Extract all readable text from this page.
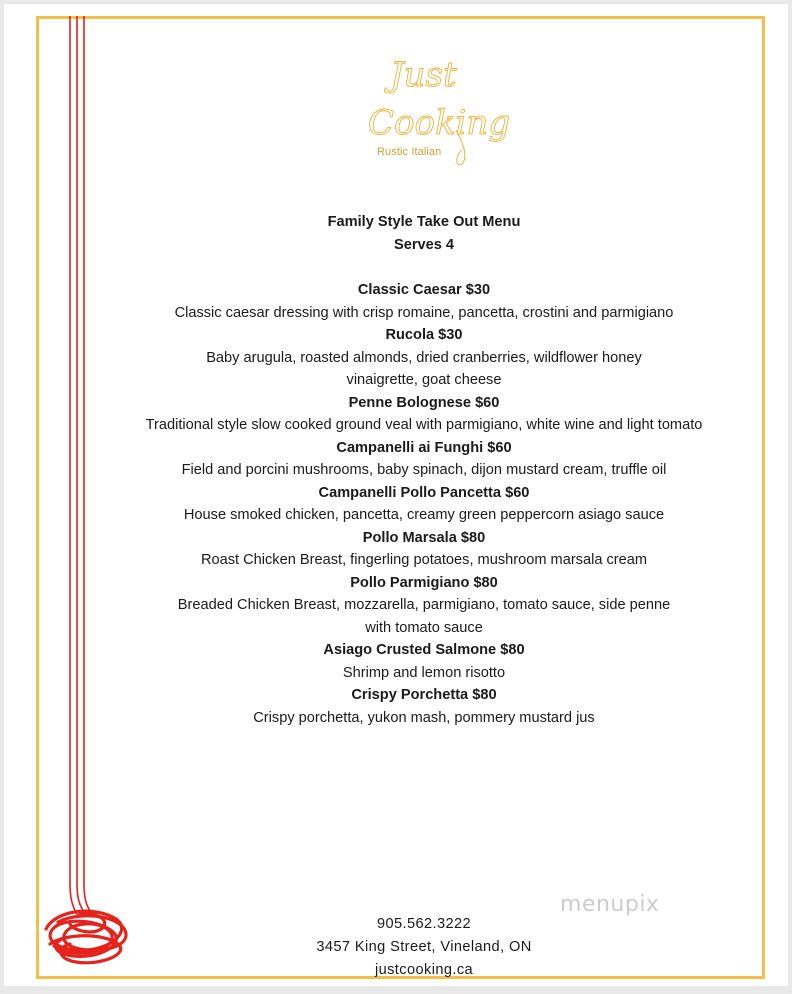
Just
Cooking
Rustic Italian
Family Style Take Out Menu
Serves 4
Classic Caesar $30
Classic caesar dressing with crisp romaine, pancetta, crostini and parmigiano
Rucola $30
Baby arugula, roasted almonds, dried cranberries, wildflower honey vinaigrette, goat cheese
Penne Bolognese $60
Traditional style slow cooked ground veal with parmigiano, white wine and light tomato
Campanelli ai Funghi $60
Field and porcini mushrooms, baby spinach, dijon mustard cream, truffle oil
Campanelli Pollo Pancetta $60
House smoked chicken, pancetta, creamy green peppercorn asiago sauce
Pollo Marsala $80
Roast Chicken Breast, fingerling potatoes, mushroom marsala cream
Pollo Parmigiano $80
Breaded Chicken Breast, mozzarella, parmigiano, tomato sauce, side penne with tomato sauce
Asiago Crusted Salmone $80
Shrimp and lemon risotto
Crispy Porchetta $80
Crispy porchetta, yukon mash, pommery mustard jus
905.562.3222
3457 King Street, Vineland, ON
justcooking.ca
menupix
